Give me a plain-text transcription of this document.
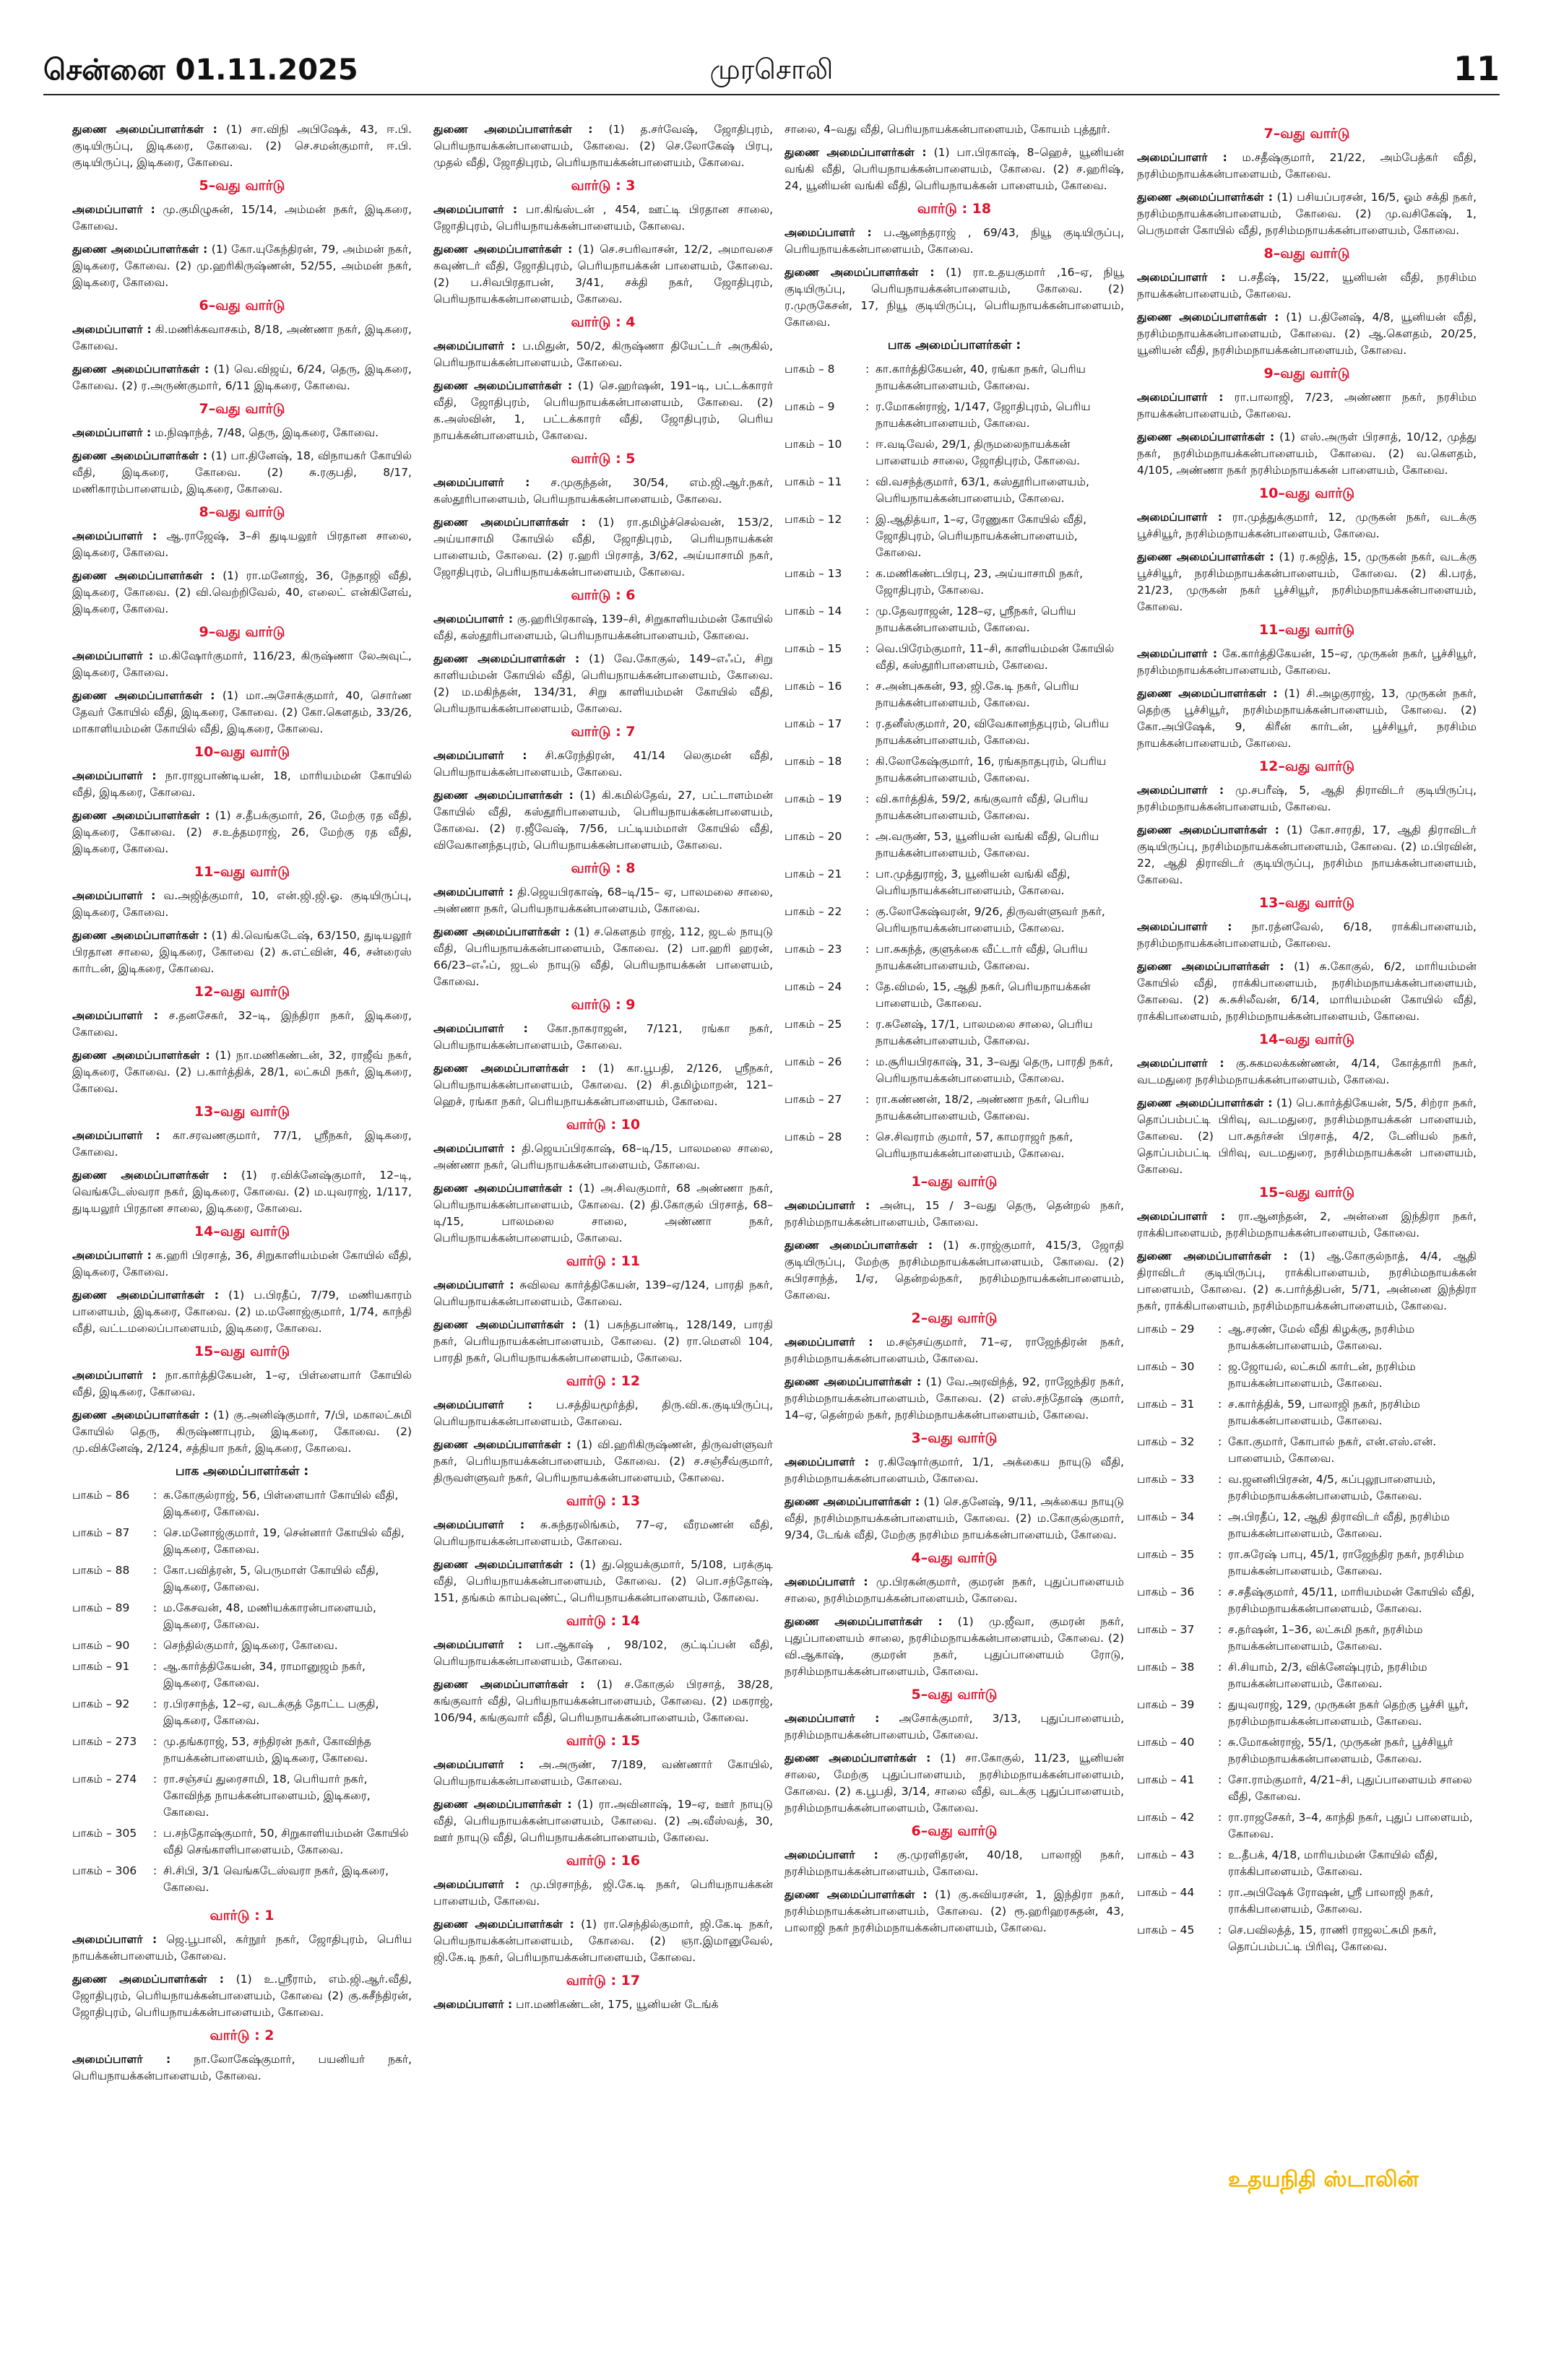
சென்னை 01.11.2025	முரசொலி	11

துணை அமைப்பாளர்கள் : (1) சா.விநி அபிஷேக், 43, ஈ.பி. குடியிருப்பு, இடிகரை, கோவை. (2) செ.சமன்குமார், ஈ.பி. குடியிருப்பு, இடிகரை, கோவை.

5–வது வார்டு

அமைப்பாளர் : மு.குமிழுசுன், 15/14, அம்மன் நகர், இடிகரை, கோவை.

துணை அமைப்பாளர்கள் : (1) கோ.யுகேந்திரன், 79, அம்மன் நகர், இடிகரை, கோவை. (2) மு.ஹரிகிருஷ்ணன், 52/55, அம்மன் நகர், இடிகரை, கோவை.

6–வது வார்டு

அமைப்பாளர் : கி.மணிக்கவாசகம், 8/18, அண்ணா நகர், இடிகரை, கோவை.

துணை அமைப்பாளர்கள் : (1) வெ.விஜய், 6/24, தெரு, இடிகரை, கோவை. (2) ர.அருண்குமார், 6/11 இடிகரை, கோவை.

7–வது வார்டு

அமைப்பாளர் : ம.நிஷாந்த், 7/48, தெரு, இடிகரை, கோவை.

துணை அமைப்பாளர்கள் : (1) பா.தினேஷ், 18, விநாயகர் கோயில் வீதி, இடிகரை, கோவை. (2) சு.ரகுபதி, 8/17, மணிகாரம்பாளையம், இடிகரை, கோவை.

8–வது வார்டு

அமைப்பாளர் : ஆ.ராஜேஷ், 3–சி துடியலூர் பிரதான சாலை, இடிகரை, கோவை.

துணை அமைப்பாளர்கள் : (1) ரா.மனோஜ், 36, நேதாஜி வீதி, இடிகரை, கோவை. (2) வி.வெற்றிவேல், 40, எலைட் என்கிளேவ், இடிகரை, கோவை.

9–வது வார்டு

அமைப்பாளர் : ம.கிஷோர்குமார், 116/23, கிருஷ்ணா லேஅவுட், இடிகரை, கோவை.

துணை அமைப்பாளர்கள் : (1) மா.அசோக்குமார், 40, சொர்ண தேவர் கோயில் வீதி, இடிகரை, கோவை. (2) கோ.கௌதம், 33/26, மாகாளியம்மன் கோயில் வீதி, இடிகரை, கோவை.

10–வது வார்டு

அமைப்பாளர் : நா.ராஜபாண்டியன், 18, மாரியம்மன் கோயில் வீதி, இடிகரை, கோவை.

துணை அமைப்பாளர்கள் : (1) ச.தீபக்குமார், 26, மேற்கு ரத வீதி, இடிகரை, கோவை. (2) ச.உத்தமராஜ், 26, மேற்கு ரத வீதி, இடிகரை, கோவை.

11–வது வார்டு

அமைப்பாளர் : வ.அஜித்குமார், 10, என்.ஜி.ஜி.ஓ. குடியிருப்பு, இடிகரை, கோவை.

துணை அமைப்பாளர்கள் : (1) கி.வெங்கடேஷ், 63/150, துடியலூர் பிரதான சாலை, இடிகரை, கோவை (2) சு.எட்வின், 46, சன்ரைஸ் கார்டன், இடிகரை, கோவை.

12–வது வார்டு

அமைப்பாளர் : ச.தனசேகர், 32–டி, இந்திரா நகர், இடிகரை, கோவை.

துணை அமைப்பாளர்கள் : (1) நா.மணிகண்டன், 32, ராஜீவ் நகர், இடிகரை, கோவை. (2) ப.கார்த்திக், 28/1, லட்சுமி நகர், இடிகரை, கோவை.

13–வது வார்டு

அமைப்பாளர் : கா.சரவணகுமார், 77/1, ஸ்ரீநகர், இடிகரை, கோவை.

துணை அமைப்பாளர்கள் : (1) ர.விக்னேஷ்குமார், 12–டி, வெங்கடேஸ்வரா நகர், இடிகரை, கோவை. (2) ம.யுவராஜ், 1/117, துடியலூர் பிரதான சாலை, இடிகரை, கோவை.

14–வது வார்டு

அமைப்பாளர் : க.ஹரி பிரசாத், 36, சிறுகாளியம்மன் கோயில் வீதி, இடிகரை, கோவை.

துணை அமைப்பாளர்கள் : (1) ப.பிரதீப், 7/79, மணியகாரம் பாளையம், இடிகரை, கோவை. (2) ம.மனோஜ்குமார், 1/74, காந்தி வீதி, வட்டமலைப்பாளையம், இடிகரை, கோவை.

15–வது வார்டு

அமைப்பாளர் : நா.கார்த்திகேயன், 1–ஏ, பிள்ளையார் கோயில் வீதி, இடிகரை, கோவை.

துணை அமைப்பாளர்கள் : (1) கு.அனிஷ்குமார், 7/பி, மகாலட்சுமி கோயில் தெரு, கிருஷ்ணாபுரம், இடிகரை, கோவை. (2) மு.விக்னேஷ், 2/124, சத்தியா நகர், இடிகரை, கோவை.

பாக அமைப்பாளர்கள் :
பாகம் – 86	:	க.கோகுல்ராஜ், 56, பிள்ளையார் கோயில் வீதி, இடிகரை, கோவை.
பாகம் – 87	:	செ.மனோஜ்குமார், 19, சென்னார் கோயில் வீதி, இடிகரை, கோவை.
பாகம் – 88	:	கோ.பவித்ரன், 5, பெருமாள் கோயில் வீதி, இடிகரை, கோவை.
பாகம் – 89	:	ம.கேசவன், 48, மணியக்காரன்பாளையம், இடிகரை, கோவை.
பாகம் – 90	:	செந்தில்குமார், இடிகரை, கோவை.
பாகம் – 91	:	ஆ.கார்த்திகேயன், 34, ராமானுஜம் நகர், இடிகரை, கோவை.
பாகம் – 92	:	ர.பிரசாந்த், 12–ஏ, வடக்குத் தோட்ட பகுதி, இடிகரை, கோவை.
பாகம் – 273	:	மு.தங்கராஜ், 53, சந்திரன் நகர், கோவிந்த நாயக்கன்பாளையம், இடிகரை, கோவை.
பாகம் – 274	:	ரா.சஞ்சய் துரைசாமி, 18, பெரியார் நகர், கோவிந்த நாயக்கன்பாளையம், இடிகரை, கோவை.
பாகம் – 305	:	ப.சந்தோஷ்குமார், 50, சிறுகாளியம்மன் கோயில் வீதி செங்காளிபாளையம், கோவை.
பாகம் – 306	:	சி.சிபி, 3/1 வெங்கடேஸ்வரா நகர், இடிகரை, கோவை.
வார்டு : 1

அமைப்பாளர் : ஜெ.பூபாலி, கர்நூர் நகர், ஜோதிபுரம், பெரிய நாயக்கன்பாளையம், கோவை.

துணை அமைப்பாளர்கள் : (1) உ.ஸ்ரீராம், எம்.ஜி.ஆர்.வீதி, ஜோதிபுரம், பெரியநாயக்கன்பாளையம், கோவை (2) கு.சுசீந்திரன், ஜோதிபுரம், பெரியநாயக்கன்பாளையம், கோவை.

வார்டு : 2

அமைப்பாளர் : நா.லோகேஷ்குமார், பயனியர் நகர், பெரியநாயக்கன்பாளையம், கோவை.

துணை அமைப்பாளர்கள் : (1) த.சர்வேஷ், ஜோதிபுரம், பெரியநாயக்கன்பாளையம், கோவை. (2) செ.லோகேஷ் பிரபு, முதல் வீதி, ஜோதிபுரம், பெரியநாயக்கன்பாளையம், கோவை.

வார்டு : 3

அமைப்பாளர் : பா.கிங்ஸ்டன் , 454, ஊட்டி பிரதான சாலை, ஜோதிபுரம், பெரியநாயக்கன்பாளையம், கோவை.

துணை அமைப்பாளர்கள் : (1) செ.சபரிவாசன், 12/2, அமாவசை கவுண்டர் வீதி, ஜோதிபுரம், பெரியநாயக்கன் பாளையம், கோவை. (2) ப.சிவபிரதாபன், 3/41, சக்தி நகர், ஜோதிபுரம், பெரியநாயக்கன்பாளையம், கோவை.

வார்டு : 4

அமைப்பாளர் : ப.மிதுன், 50/2, கிருஷ்ணா தியேட்டர் அருகில், பெரியநாயக்கன்பாளையம், கோவை.

துணை அமைப்பாளர்கள் : (1) செ.ஹர்ஷன், 191–டி, பட்டக்காரர் வீதி, ஜோதிபுரம், பெரியநாயக்கன்பாளையம், கோவை. (2) க.அஸ்வின், 1, பட்டக்காரர் வீதி, ஜோதிபுரம், பெரிய நாயக்கன்பாளையம், கோவை.

வார்டு : 5

அமைப்பாளர் : ச.முகுந்தன், 30/54, எம்.ஜி.ஆர்.நகர், கஸ்தூரிபாளையம், பெரியநாயக்கன்பாளையம், கோவை.

துணை அமைப்பாளர்கள் : (1) ரா.தமிழ்ச்செல்வன், 153/2, அய்யாசாமி கோயில் வீதி, ஜோதிபுரம், பெரியநாயக்கன் பாளையம், கோவை. (2) ர.ஹரி பிரசாத், 3/62, அய்யாசாமி நகர், ஜோதிபுரம், பெரியநாயக்கன்பாளையம், கோவை.

வார்டு : 6

அமைப்பாளர் : கு.ஹரிபிரகாஷ், 139–சி, சிறுகாளியம்மன் கோயில் வீதி, கஸ்தூரிபாளையம், பெரியநாயக்கன்பாளையம், கோவை.

துணை அமைப்பாளர்கள் : (1) வே.கோகுல், 149–எஃப், சிறு காளியம்மன் கோயில் வீதி, பெரியநாயக்கன்பாளையம், கோவை. (2) ம.மகிந்தன், 134/31, சிறு காளியம்மன் கோயில் வீதி, பெரியநாயக்கன்பாளையம், கோவை.

வார்டு : 7

அமைப்பாளர் : சி.சுரேந்திரன், 41/14 லெகுமன் வீதி, பெரியநாயக்கன்பாளையம், கோவை.

துணை அமைப்பாளர்கள் : (1) கி.கமில்தேவ், 27, பட்டாளம்மன் கோயில் வீதி, கஸ்தூரிபாளையம், பெரியநாயக்கன்பாளையம், கோவை. (2) ர.ஜீவேஷ், 7/56, பட்டியம்மாள் கோயில் வீதி, விவேகானந்தபுரம், பெரியநாயக்கன்பாளையம், கோவை.

வார்டு : 8

அமைப்பாளர் : தி.ஜெயபிரகாஷ், 68–டி/15– ஏ, பாலமலை சாலை, அண்ணா நகர், பெரியநாயக்கன்பாளையம், கோவை.

துணை அமைப்பாளர்கள் : (1) ச.கௌதம் ராஜ், 112, ஜடல் நாயுடு வீதி, பெரியநாயக்கன்பாளையம், கோவை. (2) பா.ஹரி ஹரன், 66/23–எஃப், ஜடல் நாயுடு வீதி, பெரியநாயக்கன் பாளையம், கோவை.

வார்டு : 9

அமைப்பாளர் : கோ.நாகராஜன், 7/121, ரங்கா நகர், பெரியநாயக்கன்பாளையம், கோவை.

துணை அமைப்பாளர்கள் : (1) கா.பூபதி, 2/126, ஸ்ரீநகர், பெரியநாயக்கன்பாளையம், கோவை. (2) சி.தமிழ்மாறன், 121–ஹெச், ரங்கா நகர், பெரியநாயக்கன்பாளையம், கோவை.

வார்டு : 10

அமைப்பாளர் : தி.ஜெயப்பிரகாஷ், 68–டி/15, பாலமலை சாலை, அண்ணா நகர், பெரியநாயக்கன்பாளையம், கோவை.

துணை அமைப்பாளர்கள் : (1) அ.சிவகுமார், 68 அண்ணா நகர், பெரியநாயக்கன்பாளையம், கோவை. (2) தி.கோகுல் பிரசாத், 68–டி/15, பாலமலை சாலை, அண்ணா நகர், பெரியநாயக்கன்பாளையம், கோவை.

வார்டு : 11

அமைப்பாளர் : சுவிலவ கார்த்திகேயன், 139–ஏ/124, பாரதி நகர், பெரியநாயக்கன்பாளையம், கோவை.

துணை அமைப்பாளர்கள் : (1) பசுந்தபாண்டி, 128/149, பாரதி நகர், பெரியநாயக்கன்பாளையம், கோவை. (2) ரா.மௌலி 104, பாரதி நகர், பெரியநாயக்கன்பாளையம், கோவை.

வார்டு : 12

அமைப்பாளர் : ப.சத்தியமூர்த்தி, திரு.வி.க.குடியிருப்பு, பெரியநாயக்கன்பாளையம், கோவை.

துணை அமைப்பாளர்கள் : (1) வி.ஹரிகிருஷ்ணன், திருவள்ளுவர் நகர், பெரியநாயக்கன்பாளையம், கோவை. (2) ச.சஞ்சீவ்குமார், திருவள்ளுவர் நகர், பெரியநாயக்கன்பாளையம், கோவை.

வார்டு : 13

அமைப்பாளர் : சு.சுந்தரலிங்கம், 77–ஏ, வீரமணன் வீதி, பெரியநாயக்கன்பாளையம், கோவை.

துணை அமைப்பாளர்கள் : (1) து.ஜெயக்குமார், 5/108, பரக்குடி வீதி, பெரியநாயக்கன்பாளையம், கோவை. (2) பொ.சந்தோஷ், 151, தங்கம் காம்பவுண்ட், பெரியநாயக்கன்பாளையம், கோவை.

வார்டு : 14

அமைப்பாளர் : பா.ஆகாஷ் , 98/102, குட்டிப்பன் வீதி, பெரியநாயக்கன்பாளையம், கோவை.

துணை அமைப்பாளர்கள் : (1) ச.கோகுல் பிரசாத், 38/28, கங்குவார் வீதி, பெரியநாயக்கன்பாளையம், கோவை. (2) மகராஜ், 106/94, கங்குவார் வீதி, பெரியநாயக்கன்பாளையம், கோவை.

வார்டு : 15

அமைப்பாளர் : அ.அருண், 7/189, வண்ணார் கோயில், பெரியநாயக்கன்பாளையம், கோவை.

துணை அமைப்பாளர்கள் : (1) ரா.அவினாஷ், 19–ஏ, ஊர் நாயுடு வீதி, பெரியநாயக்கன்பாளையம், கோவை. (2) அ.வீஸ்வத், 30, ஊர் நாயுடு வீதி, பெரியநாயக்கன்பாளையம், கோவை.

வார்டு : 16

அமைப்பாளர் : மு.பிரசாந்த், ஜி.கே.டி நகர், பெரியநாயக்கன் பாளையம், கோவை.

துணை அமைப்பாளர்கள் : (1) ரா.செந்தில்குமார், ஜி.கே.டி நகர், பெரியநாயக்கன்பாளையம், கோவை. (2) ஞா.இமானுவேல், ஜி.கே.டி நகர், பெரியநாயக்கன்பாளையம், கோவை.

வார்டு : 17

அமைப்பாளர் : பா.மணிகண்டன், 175, யூனியன் டேங்க்

சாலை, 4–வது வீதி, பெரியநாயக்கன்பாளையம், கோயம் புத்தூர்.

துணை அமைப்பாளர்கள் : (1) பா.பிரகாஷ், 8–ஹெச், யூனியன் வங்கி வீதி, பெரியநாயக்கன்பாளையம், கோவை. (2) ச.ஹரிஷ், 24, யூனியன் வங்கி வீதி, பெரியநாயக்கன் பாளையம், கோவை.

வார்டு : 18

அமைப்பாளர் : ப.ஆனந்தராஜ் , 69/43, நியூ குடியிருப்பு, பெரியநாயக்கன்பாளையம், கோவை.

துணை அமைப்பாளர்கள் : (1) ரா.உதயகுமார் ,16–ஏ, நியூ குடியிருப்பு, பெரியநாயக்கன்பாளையம், கோவை. (2) ர.முருகேசன், 17, நியூ குடியிருப்பு, பெரியநாயக்கன்பாளையம், கோவை.

பாக அமைப்பாளர்கள் :
பாகம் – 8	:	கா.கார்த்திகேயன், 40, ரங்கா நகர், பெரிய நாயக்கன்பாளையம், கோவை.
பாகம் – 9	:	ர.மோகன்ராஜ், 1/147, ஜோதிபுரம், பெரிய நாயக்கன்பாளையம், கோவை.
பாகம் – 10	:	ஈ.வடிவேல், 29/1, திருமலைநாயக்கன் பாளையம் சாலை, ஜோதிபுரம், கோவை.
பாகம் – 11	:	வி.வசந்த்குமார், 63/1, கஸ்தூரிபாளையம், பெரியநாயக்கன்பாளையம், கோவை.
பாகம் – 12	:	இ.ஆதித்யா, 1–ஏ, ரேணுகா கோயில் வீதி, ஜோதிபுரம், பெரியநாயக்கன்பாளையம், கோவை.
பாகம் – 13	:	க.மணிகண்டபிரபு, 23, அய்யாசாமி நகர், ஜோதிபுரம், கோவை.
பாகம் – 14	:	மு.தேவராஜன், 128–ஏ, ஸ்ரீநகர், பெரிய நாயக்கன்பாளையம், கோவை.
பாகம் – 15	:	வெ.பிரேம்குமார், 11–சி, காளியம்மன் கோயில் வீதி, கஸ்தூரிபாளையம், கோவை.
பாகம் – 16	:	ச.அன்புசுகன், 93, ஜி.கே.டி நகர், பெரிய நாயக்கன்பாளையம், கோவை.
பாகம் – 17	:	ர.தனீஸ்குமார், 20, விவேகானந்தபுரம், பெரிய நாயக்கன்பாளையம், கோவை.
பாகம் – 18	:	கி.லோகேஷ்குமார், 16, ரங்கநாதபுரம், பெரிய நாயக்கன்பாளையம், கோவை.
பாகம் – 19	:	வி.கார்த்திக், 59/2, கங்குவார் வீதி, பெரிய நாயக்கன்பாளையம், கோவை.
பாகம் – 20	:	அ.வருண், 53, யூனியன் வங்கி வீதி, பெரிய நாயக்கன்பாளையம், கோவை.
பாகம் – 21	:	பா.முத்துராஜ், 3, யூனியன் வங்கி வீதி, பெரியநாயக்கன்பாளையம், கோவை.
பாகம் – 22	:	கு.லோகேஷ்வரன், 9/26, திருவள்ளுவர் நகர், பெரியநாயக்கன்பாளையம், கோவை.
பாகம் – 23	:	பா.சுகந்த், குளுக்கை வீட்டார் வீதி, பெரிய நாயக்கன்பாளையம், கோவை.
பாகம் – 24	:	தே.விமல், 15, ஆதி நகர், பெரியநாயக்கன் பாளையம், கோவை.
பாகம் – 25	:	ர.சுனேஷ், 17/1, பாலமலை சாலை, பெரிய நாயக்கன்பாளையம், கோவை.
பாகம் – 26	:	ம.சூரியபிரகாஷ், 31, 3–வது தெரு, பாரதி நகர், பெரியநாயக்கன்பாளையம், கோவை.
பாகம் – 27	:	ரா.கண்ணன், 18/2, அண்ணா நகர், பெரிய நாயக்கன்பாளையம், கோவை.
பாகம் – 28	:	செ.சிவராம் குமார், 57, காமராஜர் நகர், பெரியநாயக்கன்பாளையம், கோவை.
1–வது வார்டு

அமைப்பாளர் : அன்பு, 15 / 3–வது தெரு, தென்றல் நகர், நரசிம்மநாயக்கன்பாளையம், கோவை.

துணை அமைப்பாளர்கள் : (1) சு.ராஜ்குமார், 415/3, ஜோதி குடியிருப்பு, மேற்கு நரசிம்மநாயக்கன்பாளையம், கோவை. (2) சுபிரசாந்த், 1/ஏ, தென்றல்நகர், நரசிம்மநாயக்கன்பாளையம், கோவை.

2–வது வார்டு

அமைப்பாளர் : ம.சஞ்சய்குமார், 71–ஏ, ராஜேந்திரன் நகர், நரசிம்மநாயக்கன்பாளையம், கோவை.

துணை அமைப்பாளர்கள் : (1) வே.அரவிந்த், 92, ராஜேந்திர நகர், நரசிம்மநாயக்கன்பாளையம், கோவை. (2) எஸ்.சந்தோஷ் குமார், 14–ஏ, தென்றல் நகர், நரசிம்மநாயக்கன்பாளையம், கோவை.

3–வது வார்டு

அமைப்பாளர் : ர.கிஷோர்குமார், 1/1, அக்கைய நாயுடு வீதி, நரசிம்மநாயக்கன்பாளையம், கோவை.

துணை அமைப்பாளர்கள் : (1) செ.தனேஷ், 9/11, அக்கைய நாயுடு வீதி, நரசிம்மநாயக்கன்பாளையம், கோவை. (2) ம.கோகுல்குமார், 9/34, டேங்க் வீதி, மேற்கு நரசிம்ம நாயக்கன்பாளையம், கோவை.

4–வது வார்டு

அமைப்பாளர் : மு.பிரகன்குமார், குமரன் நகர், புதுப்பாளையம் சாலை, நரசிம்மநாயக்கன்பாளையம், கோவை.

துணை அமைப்பாளர்கள் : (1) மு.ஜீவா, குமரன் நகர், புதுப்பாளையம் சாலை, நரசிம்மநாயக்கன்பாளையம், கோவை. (2) வி.ஆகாஷ், குமரன் நகர், புதுப்பாளையம் ரோடு, நரசிம்மநாயக்கன்பாளையம், கோவை.

5–வது வார்டு

அமைப்பாளர் : அசோக்குமார், 3/13, புதுப்பாளையம், நரசிம்மநாயக்கன்பாளையம், கோவை.

துணை அமைப்பாளர்கள் : (1) சா.கோகுல், 11/23, யூனியன் சாலை, மேற்கு புதுப்பாளையம், நரசிம்மநாயக்கன்பாளையம், கோவை. (2) க.பூபதி, 3/14, சாலை வீதி, வடக்கு புதுப்பாளையம், நரசிம்மநாயக்கன்பாளையம், கோவை.

6–வது வார்டு

அமைப்பாளர் : கு.முரளிதரன், 40/18, பாலாஜி நகர், நரசிம்மநாயக்கன்பாளையம், கோவை.

துணை அமைப்பாளர்கள் : (1) கு.சுவியரசன், 1, இந்திரா நகர், நரசிம்மநாயக்கன்பாளையம், கோவை. (2) ரூ.ஹரிஹரசுதன், 43, பாலாஜி நகர் நரசிம்மநாயக்கன்பாளையம், கோவை.

7–வது வார்டு

அமைப்பாளர் : ம.சதீஷ்குமார், 21/22, அம்பேத்கர் வீதி, நரசிம்மநாயக்கன்பாளையம், கோவை.

துணை அமைப்பாளர்கள் : (1) பசியப்பரசன், 16/5, ஓம் சக்தி நகர், நரசிம்மநாயக்கன்பாளையம், கோவை. (2) மு.வசிகேஷ், 1, பெருமாள் கோயில் வீதி, நரசிம்மநாயக்கன்பாளையம், கோவை.

8–வது வார்டு

அமைப்பாளர் : ப.சதீஷ், 15/22, யூனியன் வீதி, நரசிம்ம நாயக்கன்பாளையம், கோவை.

துணை அமைப்பாளர்கள் : (1) ப.தினேஷ், 4/8, யூனியன் வீதி, நரசிம்மநாயக்கன்பாளையம், கோவை. (2) ஆ.கௌதம், 20/25, யூனியன் வீதி, நரசிம்மநாயக்கன்பாளையம், கோவை.

9–வது வார்டு

அமைப்பாளர் : ரா.பாலாஜி, 7/23, அண்ணா நகர், நரசிம்ம நாயக்கன்பாளையம், கோவை.

துணை அமைப்பாளர்கள் : (1) எஸ்.அருள் பிரசாத், 10/12, முத்து நகர், நரசிம்மநாயக்கன்பாளையம், கோவை. (2) வ.கௌதம், 4/105, அண்ணா நகர் நரசிம்மநாயக்கன் பாளையம், கோவை.

10–வது வார்டு

அமைப்பாளர் : ரா.முத்துக்குமார், 12, முருகன் நகர், வடக்கு பூச்சியூர், நரசிம்மநாயக்கன்பாளையம், கோவை.

துணை அமைப்பாளர்கள் : (1) ர.சுஜித், 15, முருகன் நகர், வடக்கு பூச்சியூர், நரசிம்மநாயக்கன்பாளையம், கோவை. (2) கி.பரத், 21/23, முருகன் நகர் பூச்சியூர், நரசிம்மநாயக்கன்பாளையம், கோவை.

11–வது வார்டு

அமைப்பாளர் : கே.கார்த்திகேயன், 15–ஏ, முருகன் நகர், பூச்சியூர், நரசிம்மநாயக்கன்பாளையம், கோவை.

துணை அமைப்பாளர்கள் : (1) சி.அழகுராஜ், 13, முருகன் நகர், தெற்கு பூச்சியூர், நரசிம்மநாயக்கன்பாளையம், கோவை. (2) கோ.அபிஷேக், 9, கிரீன் கார்டன், பூச்சியூர், நரசிம்ம நாயக்கன்பாளையம், கோவை.

12–வது வார்டு

அமைப்பாளர் : மு.சபரீஷ், 5, ஆதி திராவிடர் குடியிருப்பு, நரசிம்மநாயக்கன்பாளையம், கோவை.

துணை அமைப்பாளர்கள் : (1) கோ.சாரதி, 17, ஆதி திராவிடர் குடியிருப்பு, நரசிம்மநாயக்கன்பாளையம், கோவை. (2) ம.பிரவின், 22, ஆதி திராவிடர் குடியிருப்பு, நரசிம்ம நாயக்கன்பாளையம், கோவை.

13–வது வார்டு

அமைப்பாளர் : நா.ரத்னவேல், 6/18, ராக்கிபாளையம், நரசிம்மநாயக்கன்பாளையம், கோவை.

துணை அமைப்பாளர்கள் : (1) சு.கோகுல், 6/2, மாரியம்மன் கோயில் வீதி, ராக்கிபாளையம், நரசிம்மநாயக்கன்பாளையம், கோவை. (2) சு.சுசிலீவன், 6/14, மாரியம்மன் கோயில் வீதி, ராக்கிபாளையம், நரசிம்மநாயக்கன்பாளையம், கோவை.

14–வது வார்டு

அமைப்பாளர் : கு.சுகமலக்கண்ணன், 4/14, கோத்தாரி நகர், வடமதுரை நரசிம்மநாயக்கன்பாளையம், கோவை.

துணை அமைப்பாளர்கள் : (1) பெ.கார்த்திகேயன், 5/5, சிற்ரா நகர், தொப்பம்பட்டி பிரிவு, வடமதுரை, நரசிம்மநாயக்கன் பாளையம், கோவை. (2) பா.சுதர்சன் பிரசாத், 4/2, டேனியல் நகர், தொப்பம்பட்டி பிரிவு, வடமதுரை, நரசிம்மநாயக்கன் பாளையம், கோவை.

15–வது வார்டு

அமைப்பாளர் : ரா.ஆனந்தன், 2, அன்னை இந்திரா நகர், ராக்கிபாளையம், நரசிம்மநாயக்கன்பாளையம், கோவை.

துணை அமைப்பாளர்கள் : (1) ஆ.கோகுல்நாத், 4/4, ஆதி திராவிடர் குடியிருப்பு, ராக்கிபாளையம், நரசிம்மநாயக்கன் பாளையம், கோவை. (2) சு.பார்த்திபன், 5/71, அன்னை இந்திரா நகர், ராக்கிபாளையம், நரசிம்மநாயக்கன்பாளையம், கோவை.

பாகம் – 29	:	ஆ.சரண், மேல் வீதி கிழக்கு, நரசிம்ம நாயக்கன்பாளையம், கோவை.
பாகம் – 30	:	ஜ.ஜோயல், லட்சுமி கார்டன், நரசிம்ம நாயக்கன்பாளையம், கோவை.
பாகம் – 31	:	ச.கார்த்திக், 59, பாலாஜி நகர், நரசிம்ம நாயக்கன்பாளையம், கோவை.
பாகம் – 32	:	கோ.குமார், கோபால் நகர், என்.எஸ்.என். பாளையம், கோவை.
பாகம் – 33	:	வ.ஜனனிபிரசன், 4/5, கப்புலூபாளையம், நரசிம்மநாயக்கன்பாளையம், கோவை.
பாகம் – 34	:	அ.பிரதீப், 12, ஆதி திராவிடர் வீதி, நரசிம்ம நாயக்கன்பாளையம், கோவை.
பாகம் – 35	:	ரா.சுரேஷ் பாபு, 45/1, ராஜேந்திர நகர், நரசிம்ம நாயக்கன்பாளையம், கோவை.
பாகம் – 36	:	ச.சதீஷ்குமார், 45/11, மாரியம்மன் கோயில் வீதி, நரசிம்மநாயக்கன்பாளையம், கோவை.
பாகம் – 37	:	ச.தர்ஷன், 1–36, லட்சுமி நகர், நரசிம்ம நாயக்கன்பாளையம், கோவை.
பாகம் – 38	:	சி.சியாம், 2/3, விக்னேஷ்புரம், நரசிம்ம நாயக்கன்பாளையம், கோவை.
பாகம் – 39	:	துயுவராஜ், 129, முருகன் நகர் தெற்கு பூச்சி யூர், நரசிம்மநாயக்கன்பாளையம், கோவை.
பாகம் – 40	:	சு.மோகன்ராஜ், 55/1, முருகன் நகர், பூச்சியூர் நரசிம்மநாயக்கன்பாளையம், கோவை.
பாகம் – 41	:	சோ.ராம்குமார், 4/21–சி, புதுப்பாளையம் சாலை வீதி, கோவை.
பாகம் – 42	:	ரா.ராஜசேகர், 3–4, காந்தி நகர், புதுப் பாளையம், கோவை.
பாகம் – 43	:	உ.தீபக், 4/18, மாரியம்மன் கோயில் வீதி, ராக்கிபாளையம், கோவை.
பாகம் – 44	:	ரா.அபிஷேக் ரோஷன், ஸ்ரீ பாலாஜி நகர், ராக்கிபாளையம், கோவை.
பாகம் – 45	:	செ.பவிலத்த், 15, ராணி ராஜலட்சுமி நகர், தொப்பம்பட்டி பிரிவு, கோவை.
உதயநிதி ஸ்டாலின்
